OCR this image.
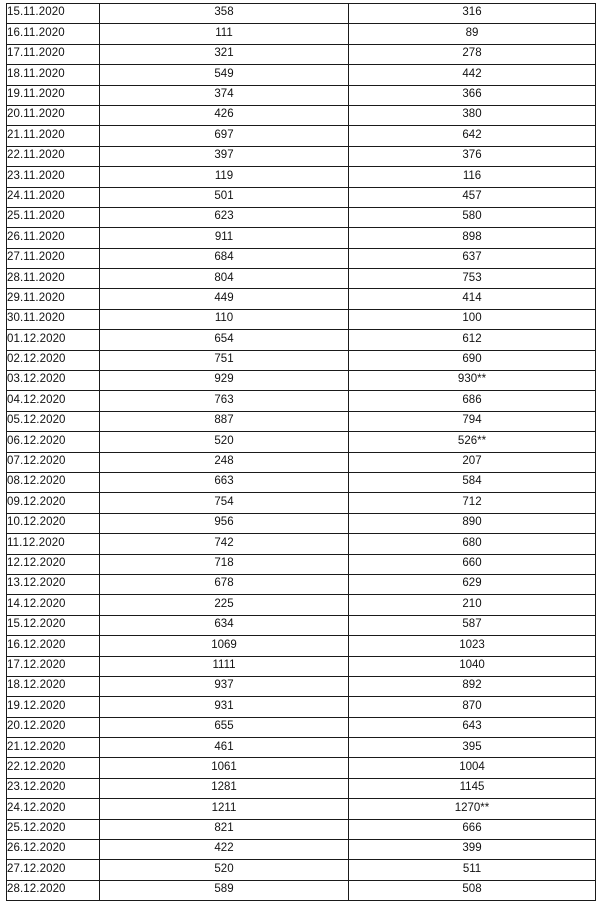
15.11.2020	358	316
16.11.2020	111	89
17.11.2020	321	278
18.11.2020	549	442
19.11.2020	374	366
20.11.2020	426	380
21.11.2020	697	642
22.11.2020	397	376
23.11.2020	119	116
24.11.2020	501	457
25.11.2020	623	580
26.11.2020	911	898
27.11.2020	684	637
28.11.2020	804	753
29.11.2020	449	414
30.11.2020	110	100
01.12.2020	654	612
02.12.2020	751	690
03.12.2020	929	930**
04.12.2020	763	686
05.12.2020	887	794
06.12.2020	520	526**
07.12.2020	248	207
08.12.2020	663	584
09.12.2020	754	712
10.12.2020	956	890
11.12.2020	742	680
12.12.2020	718	660
13.12.2020	678	629
14.12.2020	225	210
15.12.2020	634	587
16.12.2020	1069	1023
17.12.2020	1111	1040
18.12.2020	937	892
19.12.2020	931	870
20.12.2020	655	643
21.12.2020	461	395
22.12.2020	1061	1004
23.12.2020	1281	1145
24.12.2020	1211	1270**
25.12.2020	821	666
26.12.2020	422	399
27.12.2020	520	511
28.12.2020	589	508
